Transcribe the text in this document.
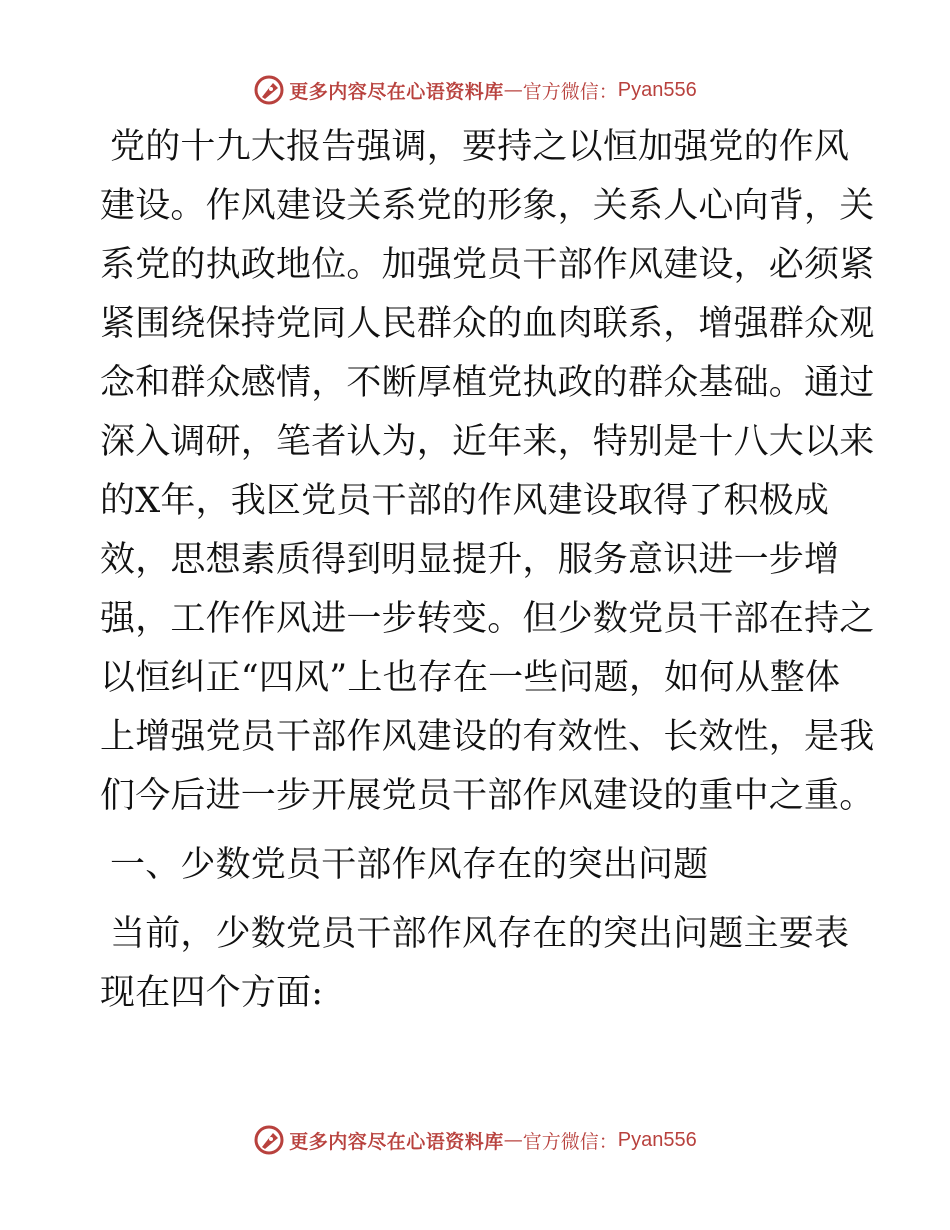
更多内容尽在心语资料库 — 官方微信： Pyan556
党的十九大报告强调，要持之以恒加强党的作风
建设。作风建设关系党的形象，关系人心向背，关
系党的执政地位。加强党员干部作风建设，必须紧
紧围绕保持党同人民群众的血肉联系，增强群众观
念和群众感情，不断厚植党执政的群众基础。通过
深入调研，笔者认为，近年来，特别是十八大以来
的X年，我区党员干部的作风建设取得了积极成
效，思想素质得到明显提升，服务意识进一步增
强，工作作风进一步转变。但少数党员干部在持之
以恒纠正“四风”上也存在一些问题，如何从整体
上增强党员干部作风建设的有效性、长效性，是我
们今后进一步开展党员干部作风建设的重中之重。
一、少数党员干部作风存在的突出问题
当前，少数党员干部作风存在的突出问题主要表
现在四个方面:
更多内容尽在心语资料库 — 官方微信： Pyan556
